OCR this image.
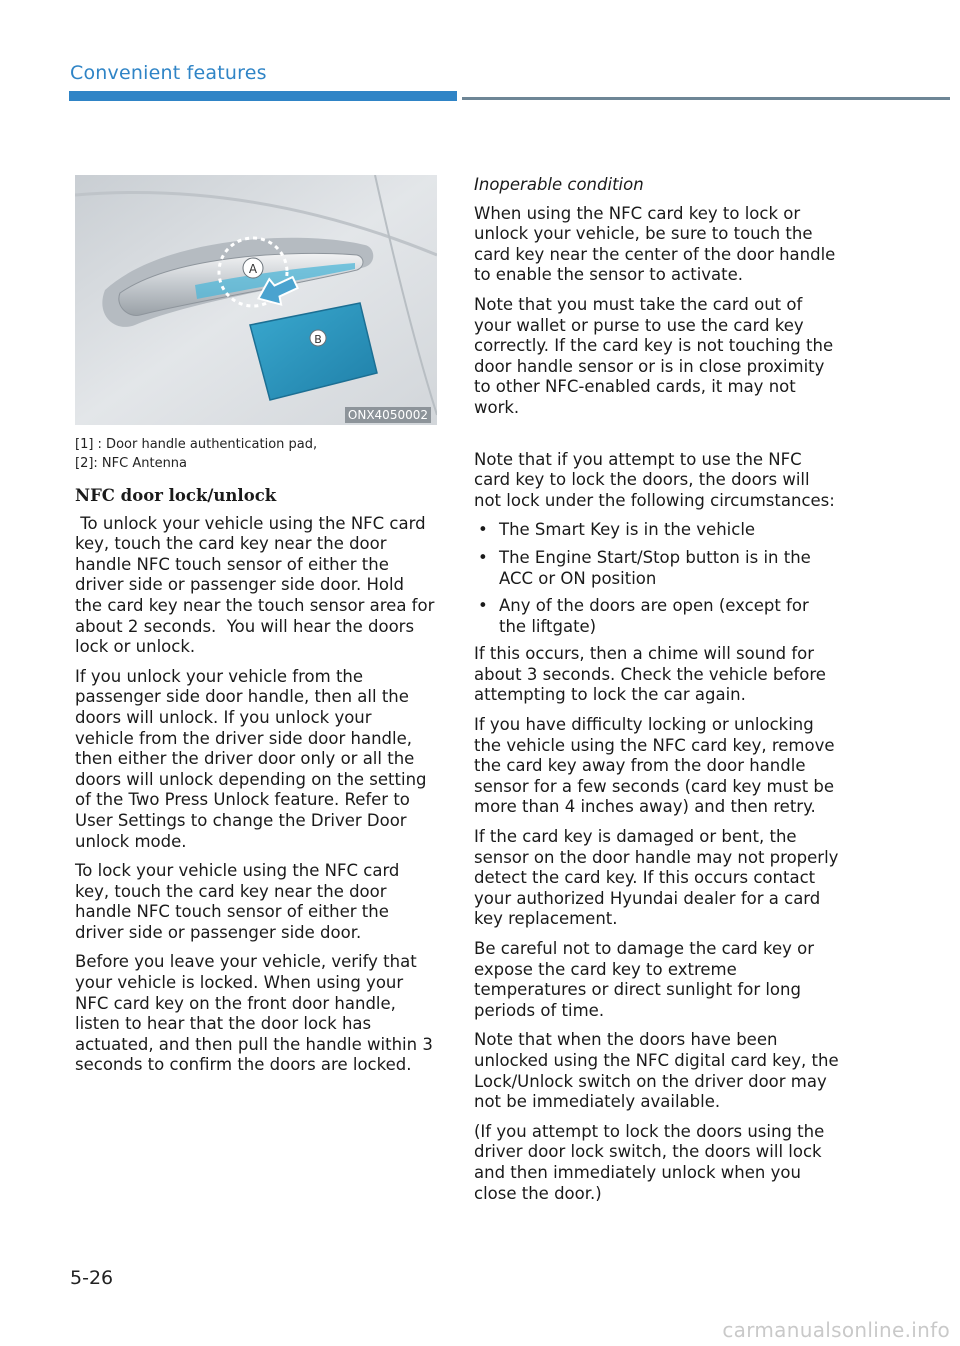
Convenient features
A
B
ONX4050002
[1] : Door handle authentication pad,
[2]: NFC Antenna
NFC door lock/unlock

To unlock your vehicle using the NFC card key, touch the card key near the door handle NFC touch sensor of either the driver side or passenger side door. Hold the card key near the touch sensor area for about 2 seconds.  You will hear the doors lock or unlock.

If you unlock your vehicle from the passenger side door handle, then all the doors will unlock. If you unlock your vehicle from the driver side door handle, then either the driver door only or all the doors will unlock depending on the setting of the Two Press Unlock feature. Refer to User Settings to change the Driver Door unlock mode.

To lock your vehicle using the NFC card key, touch the card key near the door handle NFC touch sensor of either the driver side or passenger side door.

Before you leave your vehicle, verify that your vehicle is locked. When using your NFC card key on the front door handle, listen to hear that the door lock has actuated, and then pull the handle within 3 seconds to confirm the doors are locked.

Inoperable condition

When using the NFC card key to lock or unlock your vehicle, be sure to touch the card key near the center of the door handle to enable the sensor to activate.

Note that you must take the card out of your wallet or purse to use the card key correctly. If the card key is not touching the door handle sensor or is in close proximity to other NFC-enabled cards, it may not work.

Note that if you attempt to use the NFC card key to lock the doors, the doors will not lock under the following circumstances:

• The Smart Key is in the vehicle
• The Engine Start/Stop button is in the ACC or ON position
• Any of the doors are open (except for the liftgate)

If this occurs, then a chime will sound for about 3 seconds. Check the vehicle before attempting to lock the car again.

If you have difficulty locking or unlocking the vehicle using the NFC card key, remove the card key away from the door handle sensor for a few seconds (card key must be more than 4 inches away) and then retry.

If the card key is damaged or bent, the sensor on the door handle may not properly detect the card key. If this occurs contact your authorized Hyundai dealer for a card key replacement.

Be careful not to damage the card key or expose the card key to extreme temperatures or direct sunlight for long periods of time.

Note that when the doors have been unlocked using the NFC digital card key, the Lock/Unlock switch on the driver door may not be immediately available.

(If you attempt to lock the doors using the driver door lock switch, the doors will lock and then immediately unlock when you close the door.)

5-26
carmanualsonline.info
